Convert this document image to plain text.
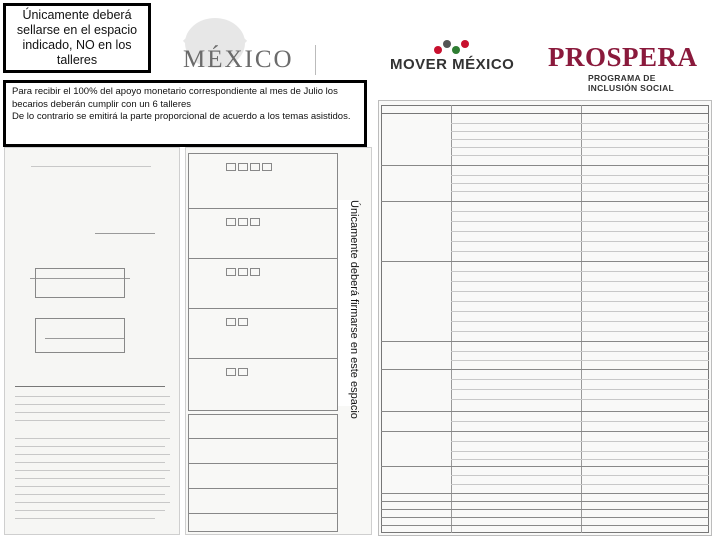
Únicamente deberá sellarse en el espacio indicado, NO en los talleres	MÉXICO	MOVER MÉXICO PROSPERA
PROGRAMA DE INCLUSIÓN SOCIAL

Para recibir el 100% del apoyo monetario correspondiente al mes de Julio los becarios deberán cumplir con un 6 talleres

De lo contrario se emitirá la parte proporcional de acuerdo a los temas asistidos.

Únicamente deberá firmarse en este espacio
